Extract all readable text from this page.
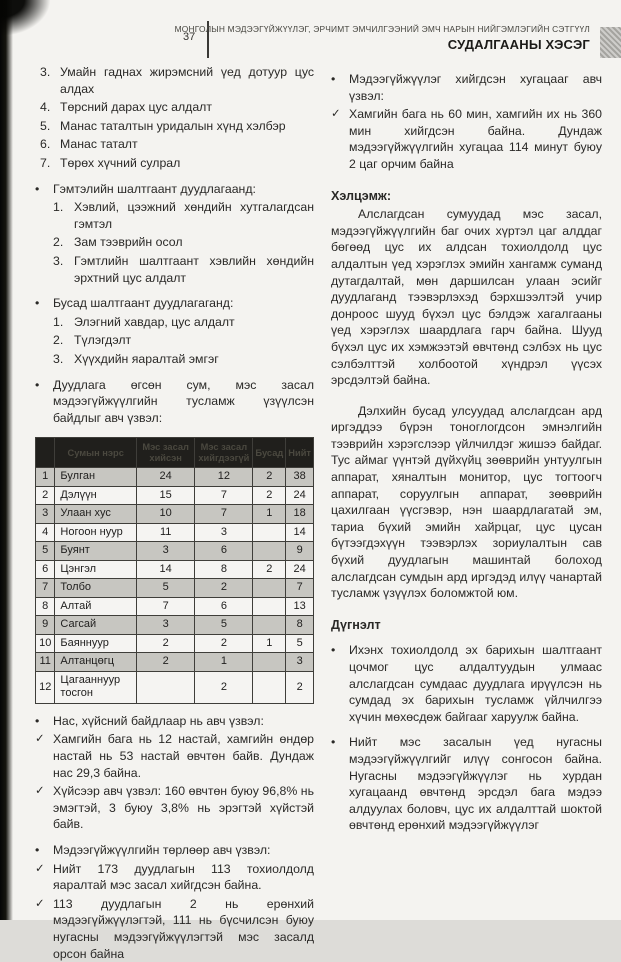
37
МОНГОЛЫН МЭДЭЭГҮЙЖҮҮЛЭГ, ЭРЧИМТ ЭМЧИЛГЭЭНИЙ ЭМЧ НАРЫН НИЙГЭМЛЭГИЙН СЭТГҮҮЛ
СУДАЛГААНЫ ХЭСЭГ
3. Умайн гаднах жирэмсний үед дотуур цус алдах
4. Төрсний дарах цус алдалт
5. Манас таталтын уридалын хүнд хэлбэр
6. Манас таталт
7. Төрөх хүчний сулрал
•	Гэмтэлийн шалтгаант дуудлагаанд:
1. Хэвлий, цээжний хөндийн хутгалагдсан гэмтэл
2. Зам тээврийн осол
3. Гэмтлийн шалтгаант хэвлийн хөндийн эрхтний цус алдалт
•	Бусад шалтгаант дуудлагаганд:
1. Элэгний хавдар, цус алдалт
2. Түлэгдэлт
3. Хүүхдийн яаралтай эмгэг
•	Дуудлага өгсөн сум, мэс засал мэдээгүйжүүлгийн тусламж үзүүлсэн байдлыг авч үзвэл:
	Сумын нэрс	Мэс засал хийсэн	Мэс засал хийгдээгүй	Бусад	Нийт
1	Булган	24	12	2	38
2	Дэлүүн	15	7	2	24
3	Улаан хус	10	7	1	18
4	Ногоон нуур	11	3		14
5	Буянт	3	6		9
6	Цэнгэл	14	8	2	24
7	Толбо	5	2		7
8	Алтай	7	6		13
9	Сагсай	3	5		8
10	Баяннуур	2	2	1	5
11	Алтанцөгц	2	1		3
12	Цагааннуур тосгон		2		2
•	Нас, хүйсний байдлаар нь авч үзвэл:
✓ Хамгийн бага нь 12 настай, хамгийн өндөр настай нь 53 настай өвчтөн байв. Дундаж нас 29,3 байна.
✓ Хүйсээр авч үзвэл: 160 өвчтөн буюу 96,8% нь эмэгтэй, 3 буюу 3,8% нь эрэгтэй хүйстэй байв.
•	Мэдээгүйжүүлгийн төрлөөр авч үзвэл:
✓ Нийт 173 дуудлагын 113 тохиолдолд яаралтай мэс засал хийгдсэн байна.
✓ 113 дуудлагын 2 нь ерөнхий мэдээгүйжүүлэгтэй, 111 нь бүсчилсэн буюу нугасны мэдээгүйжүүлэгтэй мэс засалд орсон байна
•	Мэдээгүйжүүлэг хийгдсэн хугацааг авч үзвэл:
✓ Хамгийн бага нь 60 мин, хамгийн их нь 360 мин хийгдсэн байна. Дундаж мэдээгүйжүүлгийн хугацаа 114 минут буюу 2 цаг орчим байна
Хэлцэмж:

Алслагдсан сумуудад мэс засал, мэдээгүйжүүлгийн баг очих хүртэл цаг алддаг бөгөөд цус их алдсан тохиолдолд цус алдалтын үед хэрэглэх эмийн хангамж суманд дутагдалтай, мөн даршилсан улаан эсийг дуудлаганд тээвэрлэхэд бэрхшээлтэй учир донроос шууд бүхэл цус бэлдэж хагалгааны үед хэрэглэх шаардлага гарч байна. Шууд бүхэл цус их хэмжээтэй өвчтөнд сэлбэх нь цус сэлбэлттэй холбоотой хүндрэл үүсэх эрсдэлтэй байна.

Дэлхийн бусад улсуудад алслагдсан ард иргэддээ бүрэн тоноглогдсон эмнэлгийн тээврийн хэрэгслээр үйлчилдэг жишээ байдаг. Тус аймаг үүнтэй дүйхүйц зөөврийн унтуулгын аппарат, хяналтын монитор, цус тогтоогч аппарат, соруулгын аппарат, зөөврийн цахилгаан үүсгэвэр, нэн шаардлагатай эм, тариа бүхий эмийн хайрцаг, цус цусан бүтээгдэхүүн тээвэрлэх зориулалтын сав бүхий дуудлагын машинтай болоход алслагдсан сумдын ард иргэдэд илүү чанартай тусламж үзүүлэх боломжтой юм.

Дүгнэлт
•	Ихэнх тохиолдолд эх барихын шалтгаант цочмог цус алдалтуудын улмаас алслагдсан сумдаас дуудлага ирүүлсэн нь сумдад эх барихын тусламж үйлчилгээ хүчин мөхөсдөж байгааг харуулж байна.
•	Нийт мэс засалын үед нугасны мэдээгүйжүүлгийг илүү сонгосон байна. Нугасны мэдээгүйжүүлэг нь хурдан хугацаанд өвчтөнд эрсдэл бага мэдээ алдуулах боловч, цус их алдалттай шоктой өвчтөнд ерөнхий мэдээгүйжүүлэг
